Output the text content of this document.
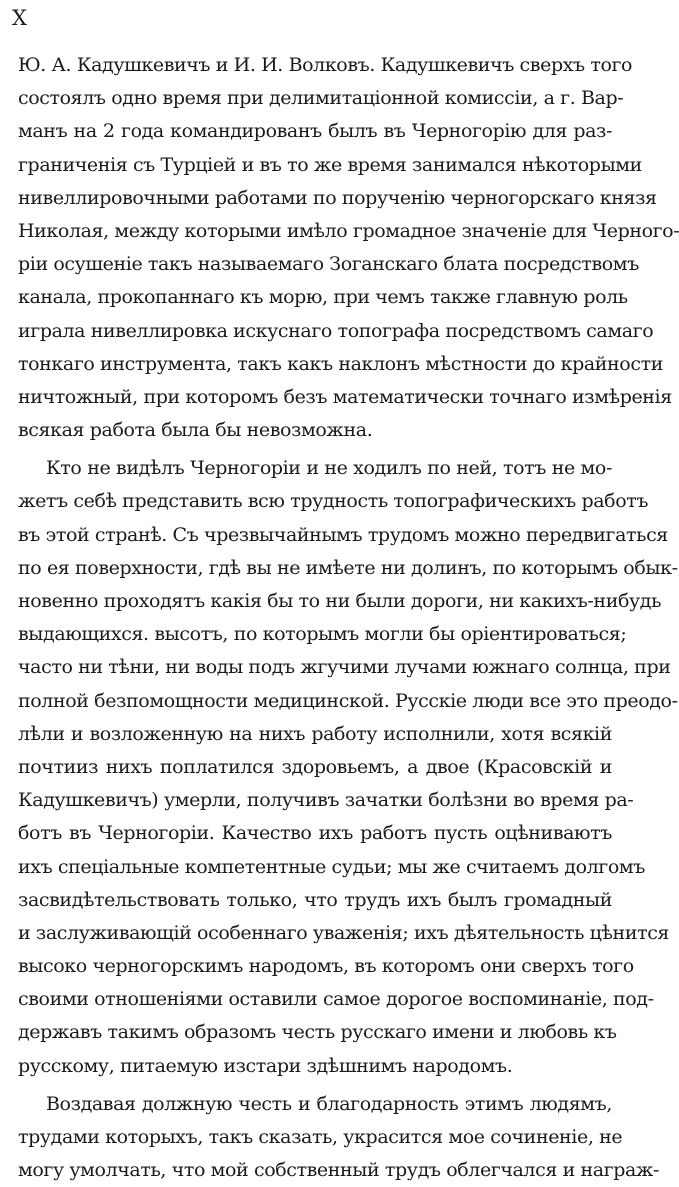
X
Ю. А. Кадушкевичъ и И. И. Волковъ. Кадушкевичъ сверхъ того
состоялъ одно время при делимитаціонной комиссіи, а г. Вар-
манъ на 2 года командированъ былъ въ Черногорію для раз-
граниченія съ Турціей и въ то же время занимался нѣкоторыми
нивеллировочными работами по порученію черногорскаго князя
Николая, между которыми имѣло громадное значеніе для Черного-
ріи осушеніе такъ называемаго Зоганскаго блата посредствомъ
канала, прокопаннаго къ морю, при чемъ также главную роль
играла нивеллировка искуснаго топографа посредствомъ самаго
тонкаго инструмента, такъ какъ наклонъ мѣстности до крайности
ничтожный, при которомъ безъ математически точнаго измѣренія
всякая работа была бы невозможна.
Кто не видѣлъ Черногоріи и не ходилъ по ней, тотъ не мо-
жетъ себѣ представить всю трудность топографическихъ работъ
въ этой странѣ. Съ чрезвычайнымъ трудомъ можно передвигаться
по ея поверхности, гдѣ вы не имѣете ни долинъ, по которымъ обык-
новенно проходятъ какія бы то ни были дороги, ни какихъ-нибудь
выдающихся. высотъ, по которымъ могли бы оріентироваться;
часто ни тѣни, ни воды подъ жгучими лучами южнаго солнца, при
полной безпомощности медицинской. Русскіе люди все это преодо-
лѣли и возложенную на нихъ работу исполнили, хотя всякій
почтииз нихъ поплатился здоровьемъ, а двое (Красовскій и
Кадушкевичъ) умерли, получивъ зачатки болѣзни во время ра-
ботъ въ Черногоріи. Качество ихъ работъ пусть оцѣниваютъ
ихъ спеціальные компетентные судьи; мы же считаемъ долгомъ
засвидѣтельствовать только, что трудъ ихъ былъ громадный
и заслуживающій особеннаго уваженія; ихъ дѣятельность цѣнится
высоко черногорскимъ народомъ, въ которомъ они сверхъ того
своими отношеніями оставили самое дорогое воспоминаніе, под-
державъ такимъ образомъ честь русскаго имени и любовь къ
русскому, питаемую изстари здѣшнимъ народомъ.
Воздавая должную честь и благодарность этимъ людямъ,
трудами которыхъ, такъ сказать, украсится мое сочиненіе, не
могу умолчать, что мой собственный трудъ облегчался и награж-
